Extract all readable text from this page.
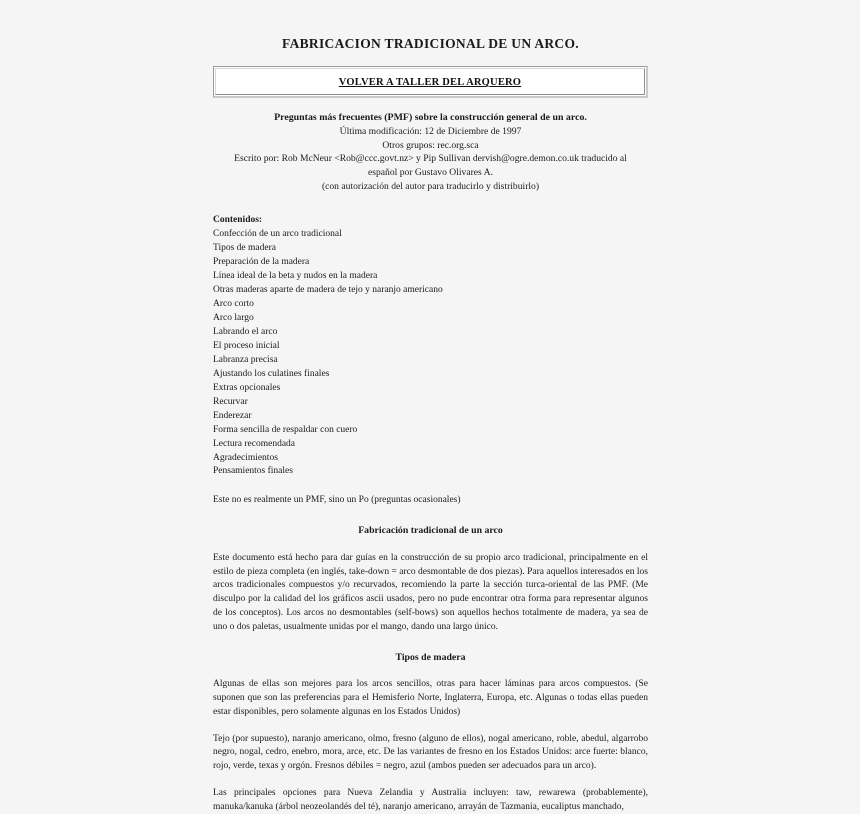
FABRICACION TRADICIONAL DE UN ARCO.
VOLVER A TALLER DEL ARQUERO
Preguntas más frecuentes (PMF) sobre la construcción general de un arco.
Última modificación: 12 de Diciembre de 1997
Otros grupos: rec.org.sca
Escrito por: Rob McNeur <Rob@ccc.govt.nz> y Pip Sullivan dervish@ogre.demon.co.uk traducido al
español por Gustavo Olivares A.
(con autorización del autor para traducirlo y distribuirlo)
Contenidos:
Confección de un arco tradicional
Tipos de madera
Preparación de la madera
Línea ideal de la beta y nudos en la madera
Otras maderas aparte de madera de tejo y naranjo americano
Arco corto
Arco largo
Labrando el arco
El proceso inicial
Labranza precisa
Ajustando los culatines finales
Extras opcionales
Recurvar
Enderezar
Forma sencilla de respaldar con cuero
Lectura recomendada
Agradecimientos
Pensamientos finales
Este no es realmente un PMF, sino un Po (preguntas ocasionales)
Fabricación tradicional de un arco

Este documento está hecho para dar guías en la construcción de su propio arco tradicional, principalmente en el estilo de pieza completa (en inglés, take-down = arco desmontable de dos piezas). Para aquellos interesados en los arcos tradicionales compuestos y/o recurvados, recomiendo la parte la sección turca-oriental de las PMF. (Me disculpo por la calidad del los gráficos ascii usados, pero no pude encontrar otra forma para representar algunos de los conceptos). Los arcos no desmontables (self-bows) son aquellos hechos totalmente de madera, ya sea de uno o dos paletas, usualmente unidas por el mango, dando una largo único.

Tipos de madera

Algunas de ellas son mejores para los arcos sencillos, otras para hacer láminas para arcos compuestos. (Se suponen que son las preferencias para el Hemisferio Norte, Inglaterra, Europa, etc. Algunas o todas ellas pueden estar disponibles, pero solamente algunas en los Estados Unidos)

Tejo (por supuesto), naranjo americano, olmo, fresno (alguno de ellos), nogal americano, roble, abedul, algarrobo negro, nogal, cedro, enebro, mora, arce, etc. De las variantes de fresno en los Estados Unidos: arce fuerte: blanco, rojo, verde, texas y orgón. Fresnos débiles = negro, azul (ambos pueden ser adecuados para un arco).

Las principales opciones para Nueva Zelandia y Australia incluyen: taw, rewarewa (probablemente), manuka/kanuka (árbol neozeolandés del té), naranjo americano, arrayán de Tazmania, eucaliptus manchado,
